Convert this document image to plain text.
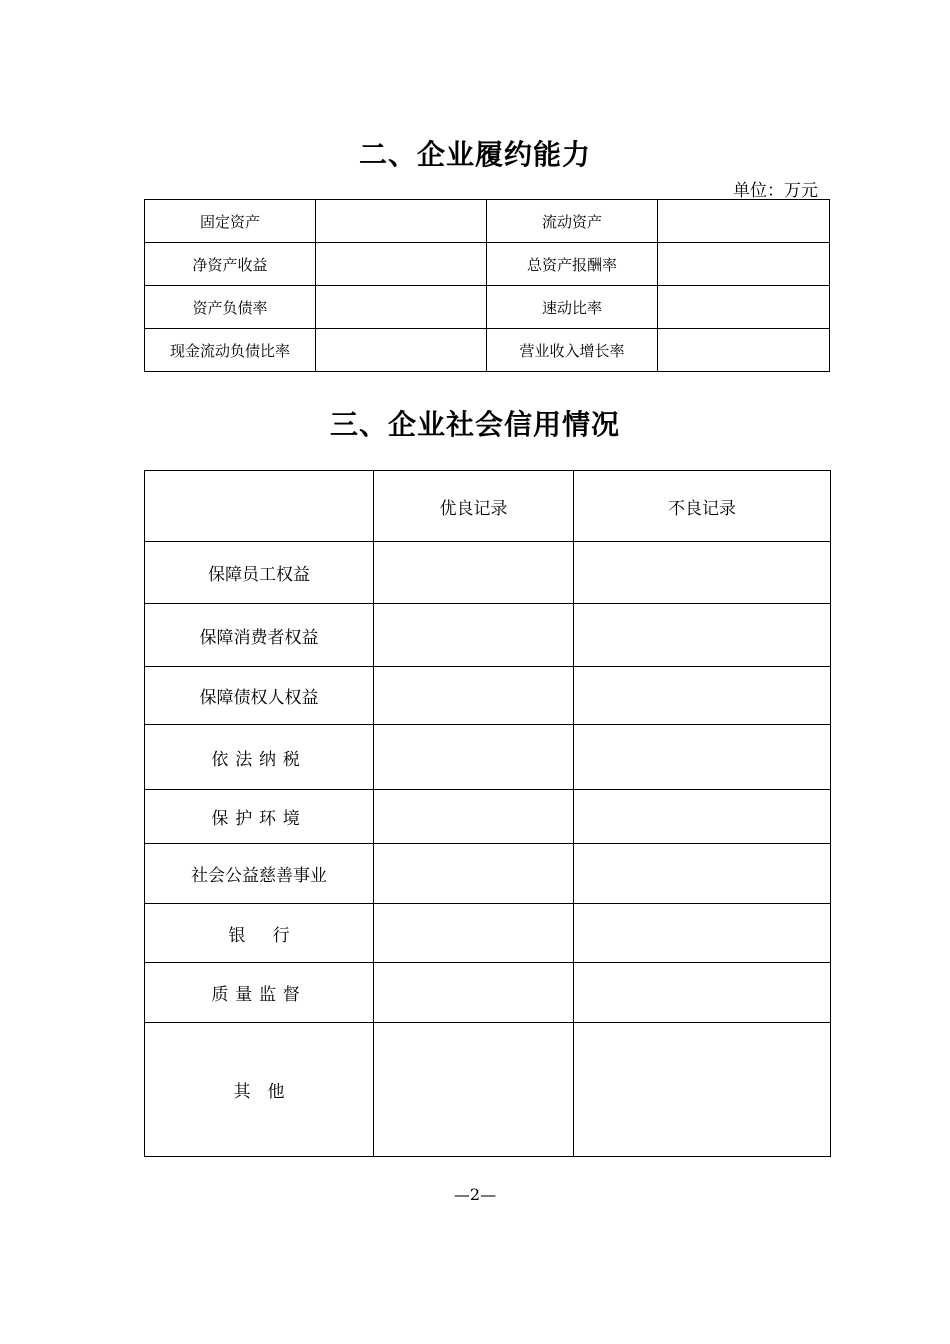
二、企业履约能力
单位：万元
固定资产		流动资产	
净资产收益		总资产报酬率	
资产负债率		速动比率	
现金流动负债比率		营业收入增长率	
三、企业社会信用情况
	优良记录	不良记录
保障员工权益		
保障消费者权益		
保障债权人权益		
依法纳税		
保护环境		
社会公益慈善事业		
银行		
质量监督		
其他		
—2—
